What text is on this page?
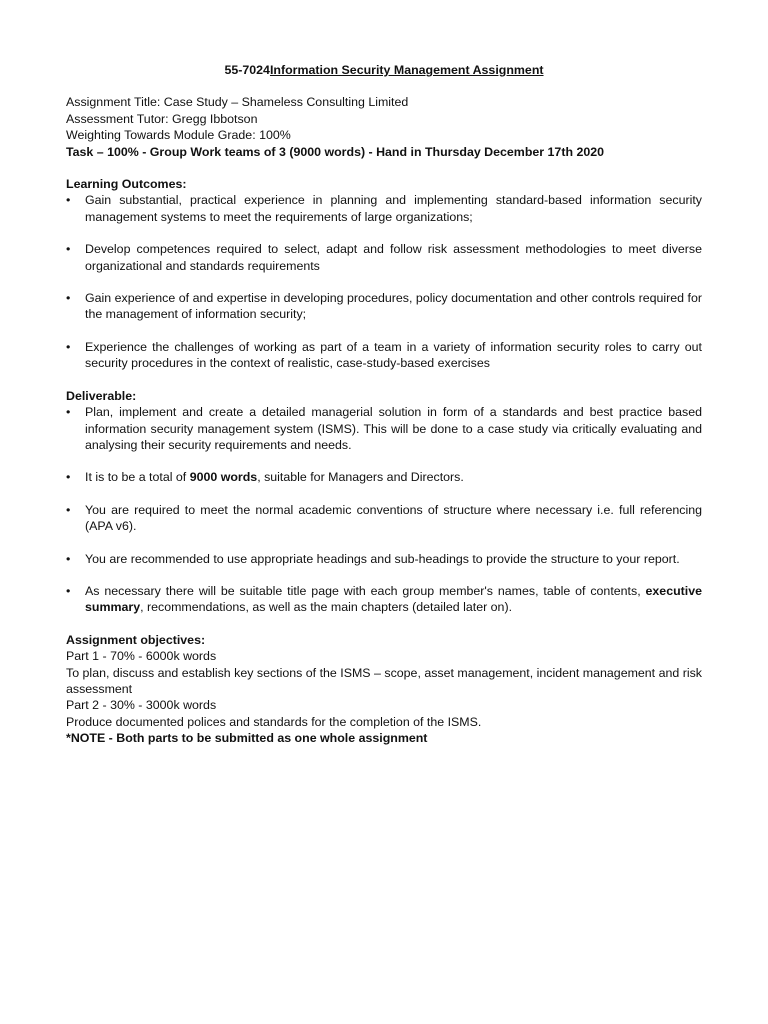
55-7024Information Security Management Assignment

Assignment Title: Case Study – Shameless Consulting Limited

Assessment Tutor: Gregg Ibbotson

Weighting Towards Module Grade: 100%

Task – 100% - Group Work teams of 3 (9000 words) - Hand in Thursday December 17th 2020

Learning Outcomes:

• Gain substantial, practical experience in planning and implementing standard-based information security management systems to meet the requirements of large organizations;
• Develop competences required to select, adapt and follow risk assessment methodologies to meet diverse organizational and standards requirements
• Gain experience of and expertise in developing procedures, policy documentation and other controls required for the management of information security;
• Experience the challenges of working as part of a team in a variety of information security roles to carry out security procedures in the context of realistic, case-study-based exercises

Deliverable:

• Plan, implement and create a detailed managerial solution in form of a standards and best practice based information security management system (ISMS). This will be done to a case study via critically evaluating and analysing their security requirements and needs.
• It is to be a total of 9000 words, suitable for Managers and Directors.
• You are required to meet the normal academic conventions of structure where necessary i.e. full referencing (APA v6).
• You are recommended to use appropriate headings and sub-headings to provide the structure to your report.
• As necessary there will be suitable title page with each group member's names, table of contents, executive summary, recommendations, as well as the main chapters (detailed later on).

Assignment objectives:

Part 1 - 70% - 6000k words

To plan, discuss and establish key sections of the ISMS – scope, asset management, incident management and risk assessment

Part 2 - 30% - 3000k words

Produce documented polices and standards for the completion of the ISMS.

*NOTE - Both parts to be submitted as one whole assignment
